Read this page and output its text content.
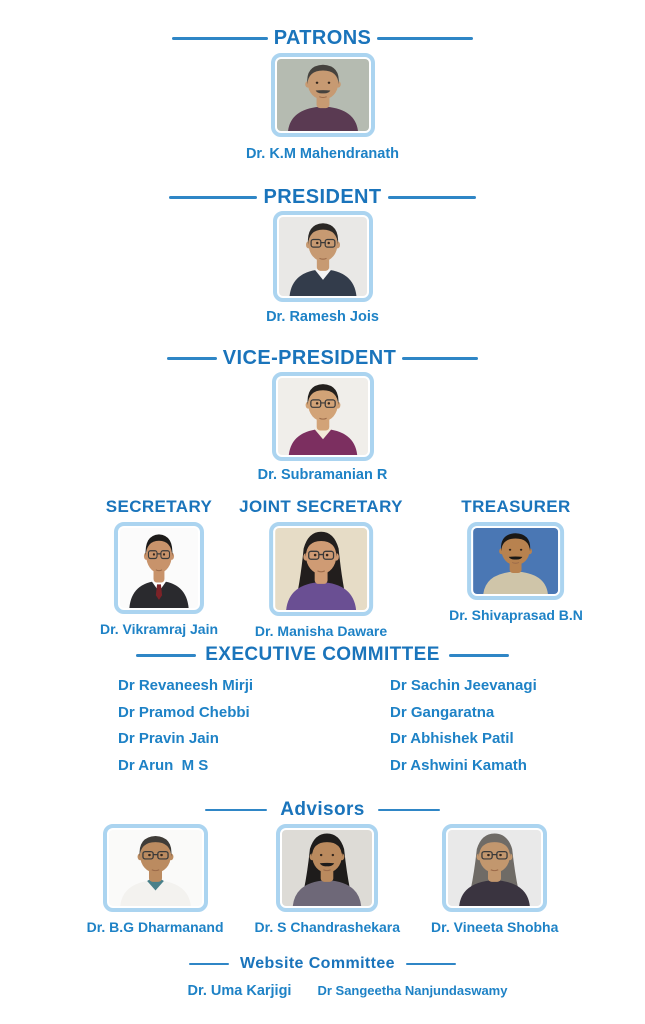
PATRONS
Dr. K.M Mahendranath
PRESIDENT
Dr. Ramesh Jois
VICE-PRESIDENT
Dr. Subramanian R
SECRETARY
Dr. Vikramraj Jain
JOINT SECRETARY
Dr. Manisha Daware
TREASURER
Dr. Shivaprasad B.N
EXECUTIVE COMMITTEE
Dr Revaneesh Mirji
Dr Pramod Chebbi
Dr Pravin Jain
Dr Arun  M S
Dr Sachin Jeevanagi
Dr Gangaratna
Dr Abhishek Patil
Dr Ashwini Kamath
Advisors
Dr. B.G Dharmanand Dr. S Chandrashekara Dr. Vineeta Shobha
Website Committee
Dr. Uma Karjigi Dr Sangeetha Nanjundaswamy
